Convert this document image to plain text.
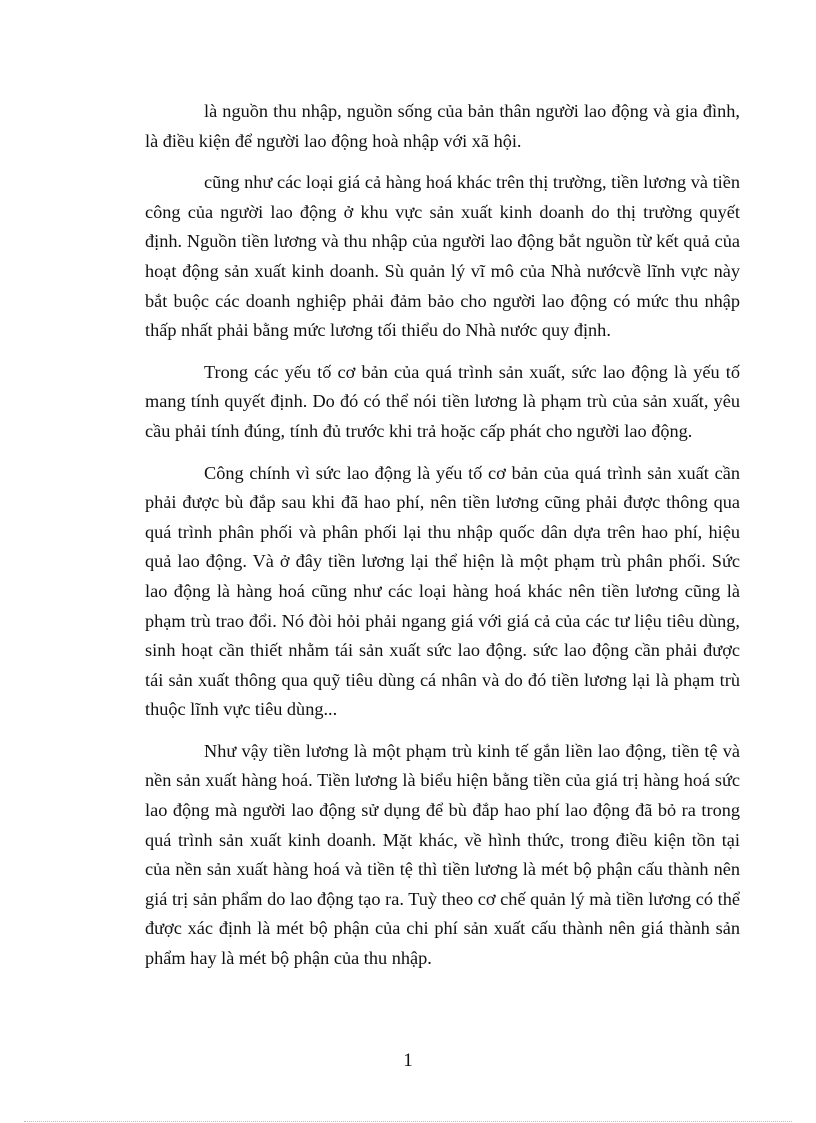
là nguồn thu nhập, nguồn sống của bản thân người lao động và gia đình, là điều kiện để người lao động hoà nhập với xã hội.

cũng như các loại giá cả hàng hoá khác trên thị trường, tiền lương và tiền công của người lao động ở khu vực sản xuất kinh doanh do thị trường quyết định. Nguồn tiền lương và thu nhập của người lao động bắt nguồn từ kết quả của hoạt động sản xuất kinh doanh. Sù quản lý vĩ mô của Nhà nướcvề lĩnh vực này bắt buộc các doanh nghiệp phải đảm bảo cho người lao động có mức thu nhập thấp nhất phải bằng mức lương tối thiểu do Nhà nước quy định.

Trong các yếu tố cơ bản của quá trình sản xuất, sức lao động là yếu tố mang tính quyết định. Do đó có thể nói tiền lương là phạm trù của sản xuất, yêu cầu phải tính đúng, tính đủ trước khi trả hoặc cấp phát cho người lao động.

Công chính vì sức lao động là yếu tố cơ bản của quá trình sản xuất cần phải được bù đắp sau khi đã hao phí, nên tiền lương cũng phải được thông qua quá trình phân phối và phân phối lại thu nhập quốc dân dựa trên hao phí, hiệu quả lao động. Và ở đây tiền lương lại thể hiện là một phạm trù phân phối. Sức lao động là hàng hoá cũng như các loại hàng hoá khác nên tiền lương cũng là phạm trù trao đổi. Nó đòi hỏi phải ngang giá với giá cả của các tư liệu tiêu dùng, sinh hoạt cần thiết nhằm tái sản xuất sức lao động. sức lao động cần phải được tái sản xuất thông qua quỹ tiêu dùng cá nhân và do đó tiền lương lại là phạm trù thuộc lĩnh vực tiêu dùng...

Như vậy tiền lương là một phạm trù kinh tế gắn liền lao động, tiền tệ và nền sản xuất hàng hoá. Tiền lương là biểu hiện bằng tiền của giá trị hàng hoá sức lao động mà người lao động sử dụng để bù đắp hao phí lao động đã bỏ ra trong quá trình sản xuất kinh doanh. Mặt khác, về hình thức, trong điều kiện tồn tại của nền sản xuất hàng hoá và tiền tệ thì tiền lương là mét bộ phận cấu thành nên giá trị sản phẩm do lao động tạo ra. Tuỳ theo cơ chế quản lý mà tiền lương có thể được xác định là mét bộ phận của chi phí sản xuất cấu thành nên giá thành sản phẩm hay là mét bộ phận của thu nhập.

1
